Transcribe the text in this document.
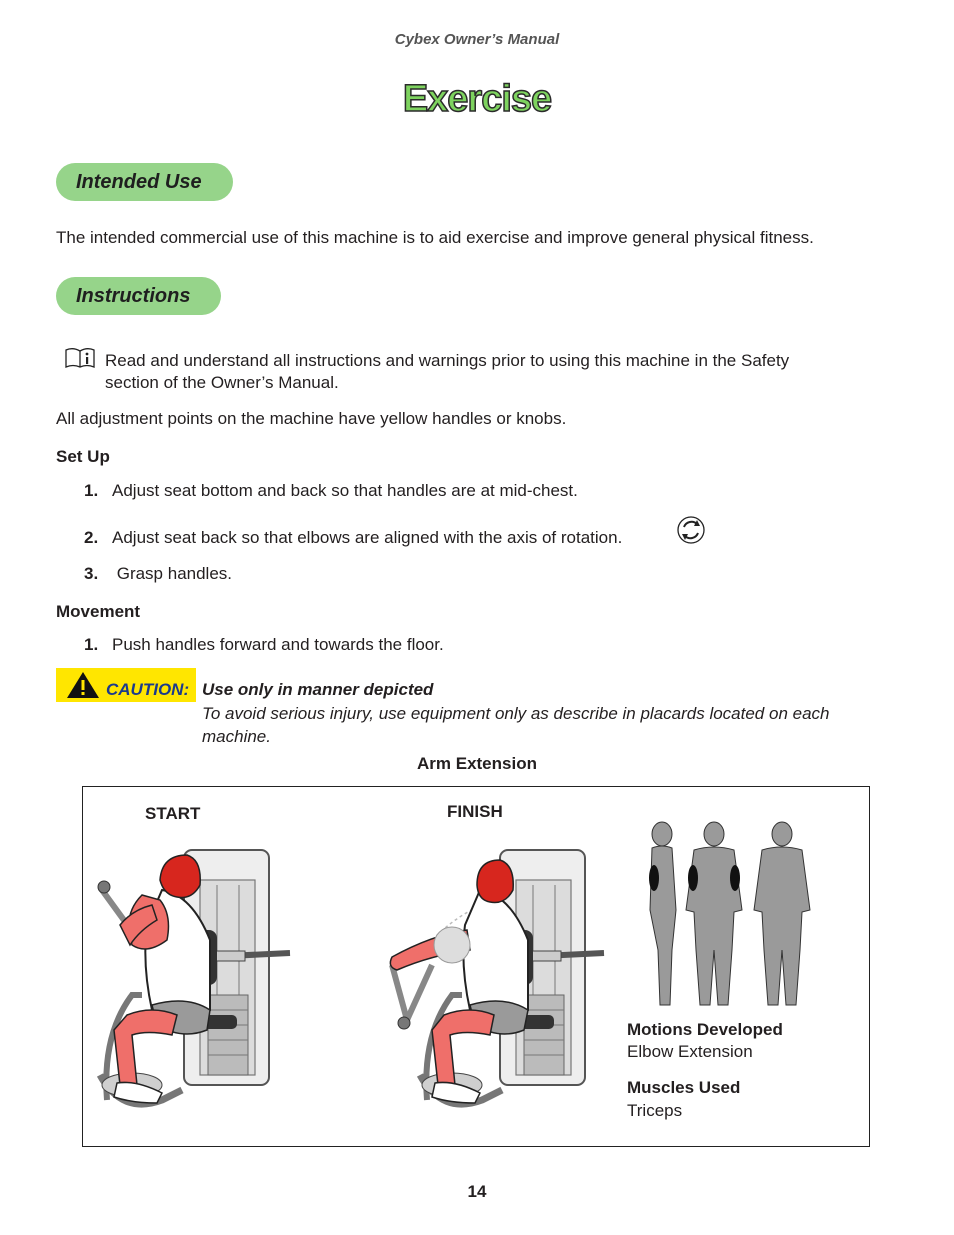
Cybex Owner’s Manual
Exercise
Intended Use
The intended commercial use of this machine is to aid exercise and improve general physical fitness.
Instructions
Read and understand all instructions and warnings prior to using this machine in the Safety
section of the Owner’s Manual.
All adjustment points on the machine have yellow handles or knobs.
Set Up
1. Adjust seat bottom and back so that handles are at mid-chest.
2. Adjust seat back so that elbows are aligned with the axis of rotation.
3. Grasp handles.
Movement
1. Push handles forward and towards the floor.
CAUTION: Use only in manner depicted
To avoid serious injury, use equipment only as describe in placards located on each
machine.
Arm Extension
START	FINISH
Motions Developed
Elbow Extension
Muscles Used
Triceps
14
